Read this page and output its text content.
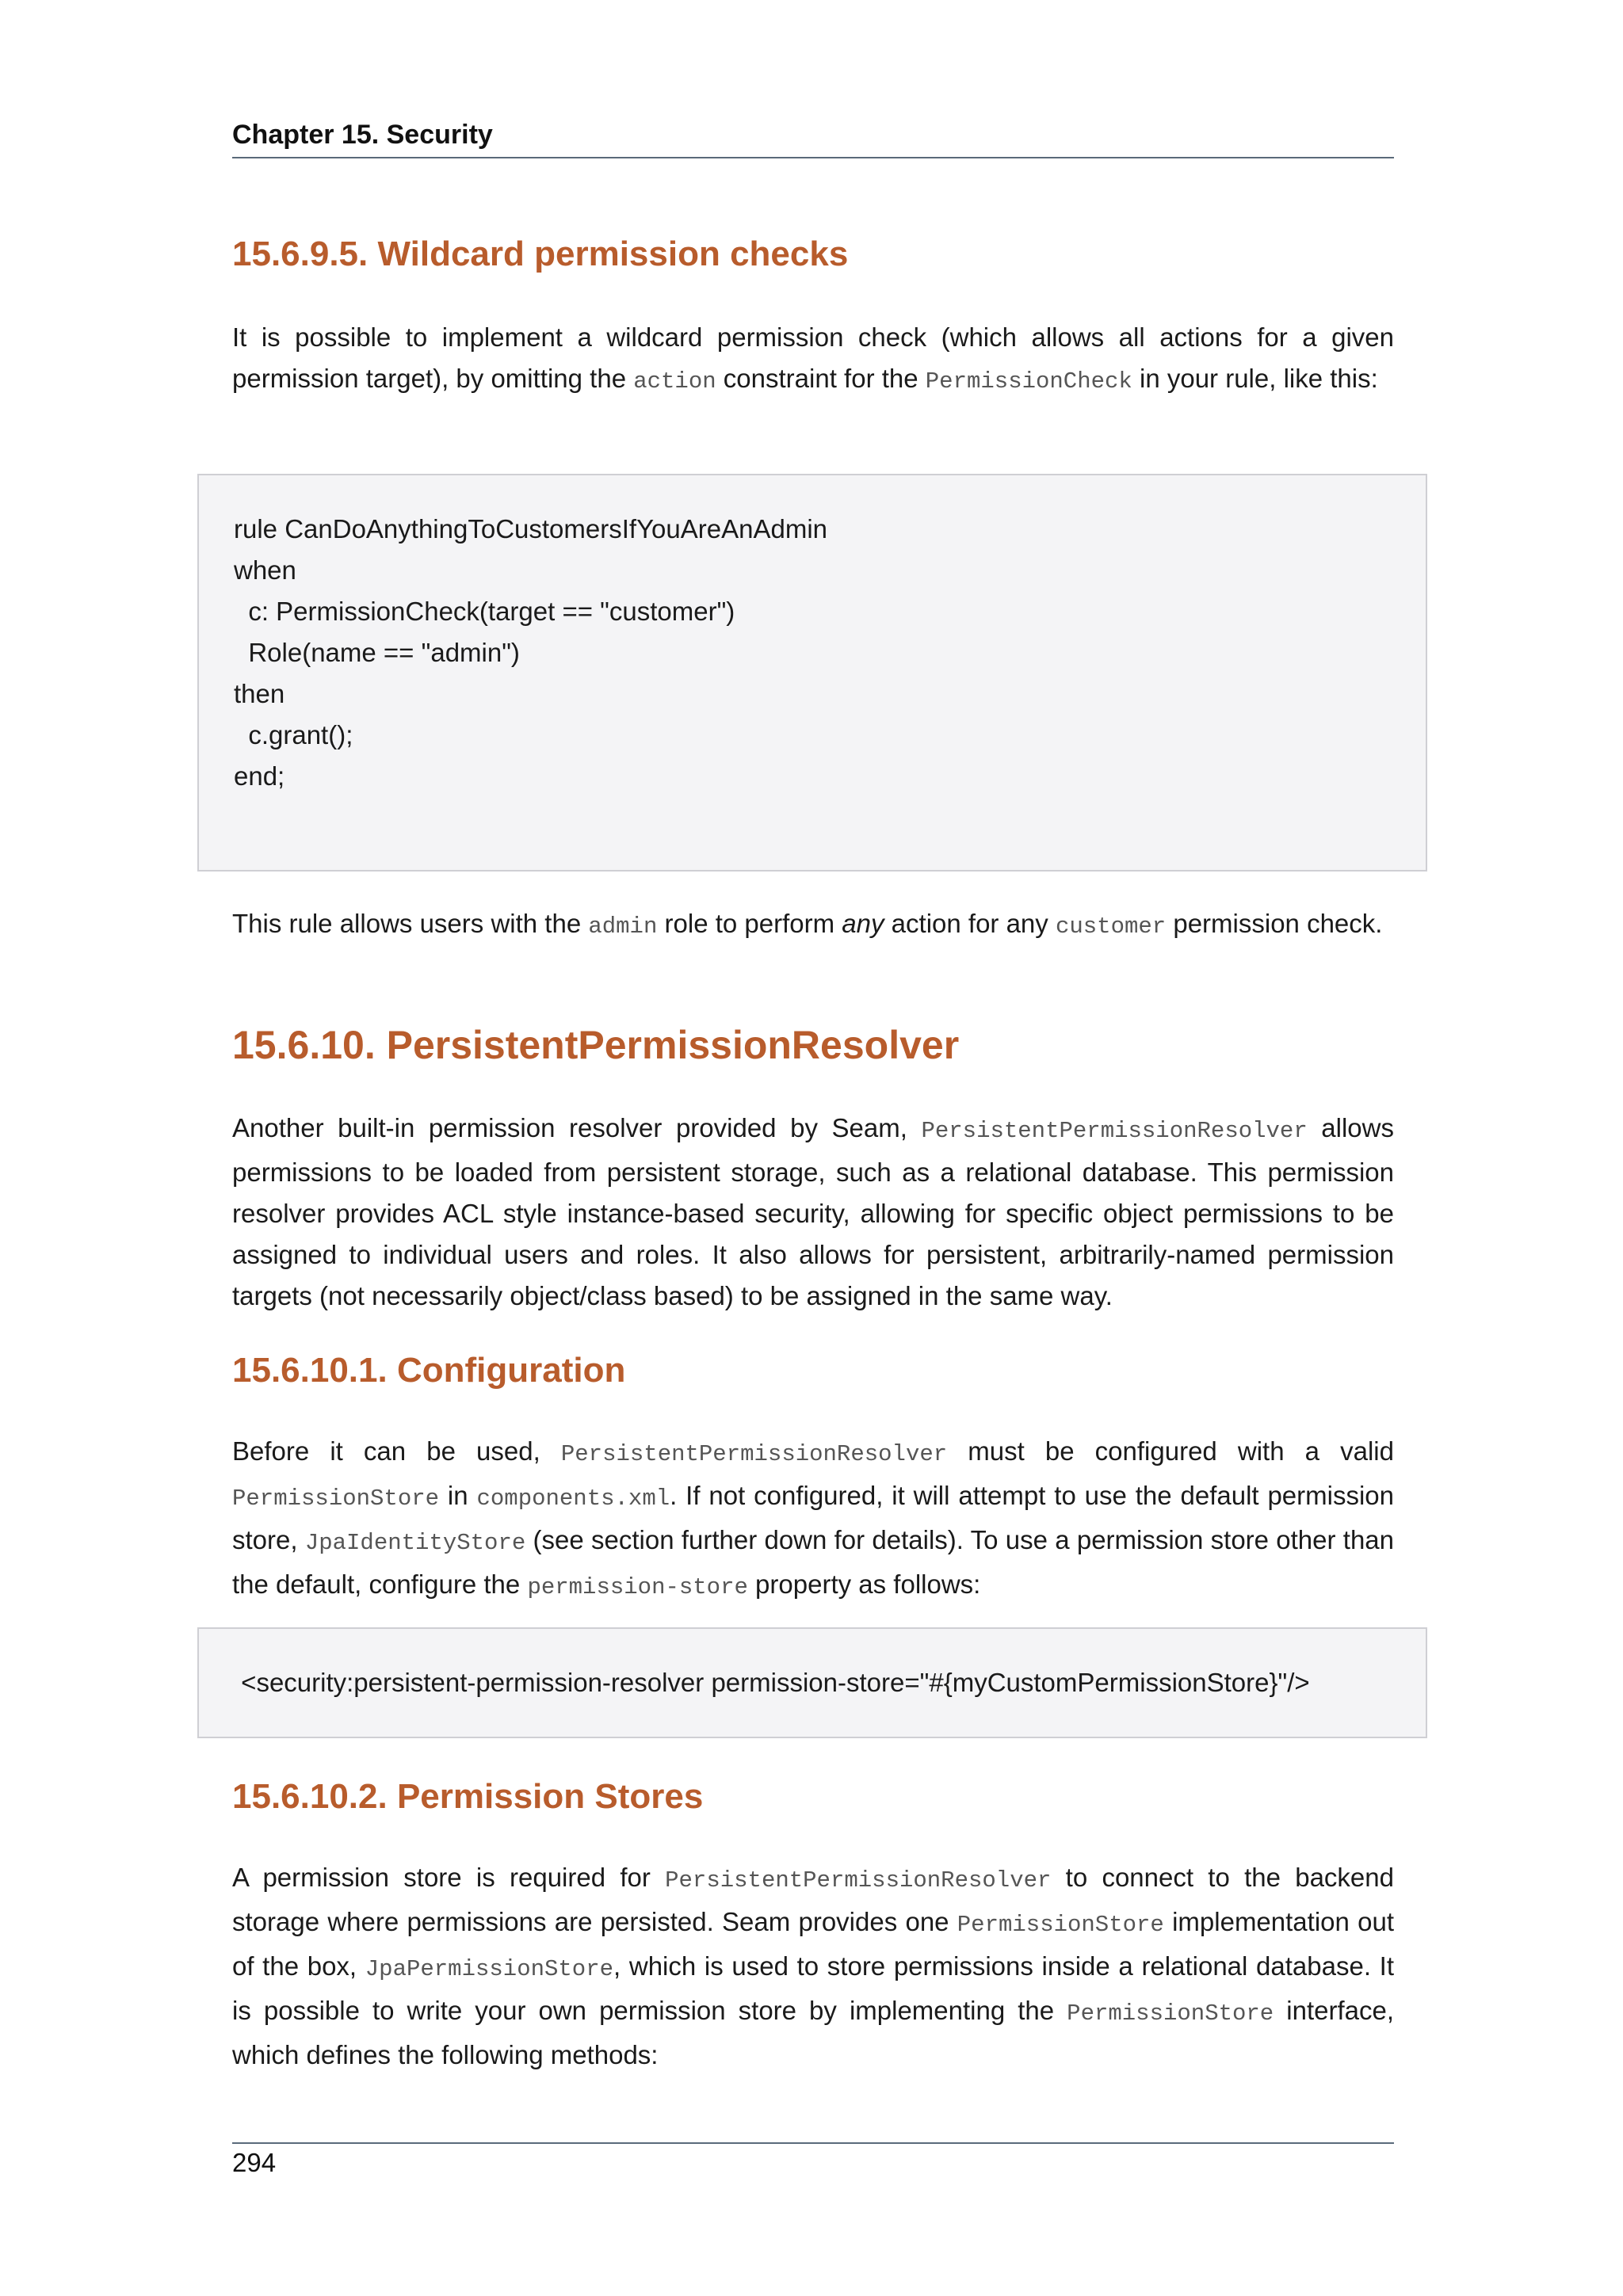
Chapter 15. Security
15.6.9.5. Wildcard permission checks

It is possible to implement a wildcard permission check (which allows all actions for a given permission target), by omitting the action constraint for the PermissionCheck in your rule, like this:

rule CanDoAnythingToCustomersIfYouAreAnAdmin
when
c: PermissionCheck(target == "customer")
Role(name == "admin")
then
c.grant();
end;

This rule allows users with the admin role to perform any action for any customer permission check.

15.6.10. PersistentPermissionResolver

Another built-in permission resolver provided by Seam, PersistentPermissionResolver allows permissions to be loaded from persistent storage, such as a relational database. This permission resolver provides ACL style instance-based security, allowing for specific object permissions to be assigned to individual users and roles. It also allows for persistent, arbitrarily-named permission targets (not necessarily object/class based) to be assigned in the same way.

15.6.10.1. Configuration

Before it can be used, PersistentPermissionResolver must be configured with a valid PermissionStore in components.xml. If not configured, it will attempt to use the default permission store, JpaIdentityStore (see section further down for details). To use a permission store other than the default, configure the permission-store property as follows:

<security:persistent-permission-resolver permission-store="#{myCustomPermissionStore}"/>
15.6.10.2. Permission Stores

A permission store is required for PersistentPermissionResolver to connect to the backend storage where permissions are persisted. Seam provides one PermissionStore implementation out of the box, JpaPermissionStore, which is used to store permissions inside a relational database. It is possible to write your own permission store by implementing the PermissionStore interface, which defines the following methods:

294
